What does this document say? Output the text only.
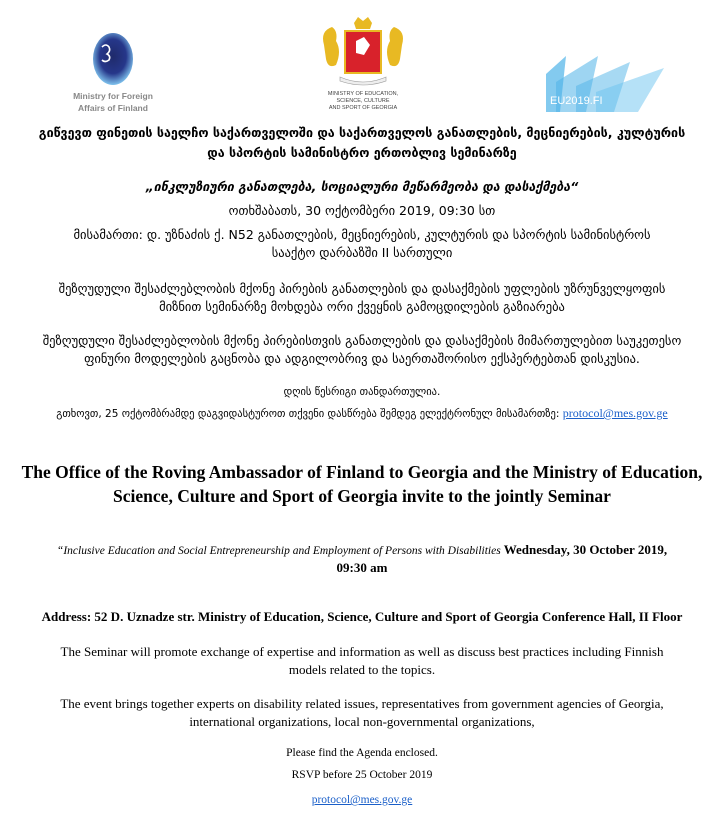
Ministry for Foreign
Affairs of Finland
MINISTRY OF EDUCATION,
SCIENCE, CULTURE
AND SPORT OF GEORGIA
EU2019.FI
გიწვევთ ფინეთის საელჩო საქართველოში და საქართველოს განათლების, მეცნიერების, კულტურის
და სპორტის სამინისტრო ერთობლივ სემინარზე
„ინკლუზიური განათლება, სოციალური მეწარმეობა და დასაქმება“
ოთხშაბათს, 30 ოქტომბერი 2019, 09:30 სთ
მისამართი: დ. უზნაძის ქ. N52 განათლების, მეცნიერების, კულტურის და სპორტის სამინისტროს
სააქტო დარბაზში II სართული
შეზღუდული შესაძლებლობის მქონე პირების განათლების და დასაქმების უფლების უზრუნველყოფის
მიზნით სემინარზე მოხდება ორი ქვეყნის გამოცდილების გაზიარება
შეზღუდული შესაძლებლობის მქონე პირებისთვის განათლების და დასაქმების მიმართულებით საუკეთესო
ფინური მოდელების გაცნობა და ადგილობრივ და საერთაშორისო ექსპერტებთან დისკუსია.
დღის წესრიგი თანდართულია.
გთხოვთ, 25 ოქტომბრამდე დაგვიდასტუროთ თქვენი დასწრება შემდეგ ელექტრონულ მისამართზე: protocol@mes.gov.ge
The Office of the Roving Ambassador of Finland to Georgia and the Ministry of Education,
Science, Culture and Sport of Georgia invite to the jointly Seminar
“Inclusive Education and Social Entrepreneurship and Employment of Persons with Disabilities Wednesday, 30 October 2019,
09:30 am
Address: 52 D. Uznadze str. Ministry of Education, Science, Culture and Sport of Georgia Conference Hall, II Floor
The Seminar will promote exchange of expertise and information as well as discuss best practices including Finnish
models related to the topics.
The event brings together experts on disability related issues, representatives from government agencies of Georgia,
international organizations, local non-governmental organizations,
Please find the Agenda enclosed.
RSVP before 25 October 2019
protocol@mes.gov.ge
